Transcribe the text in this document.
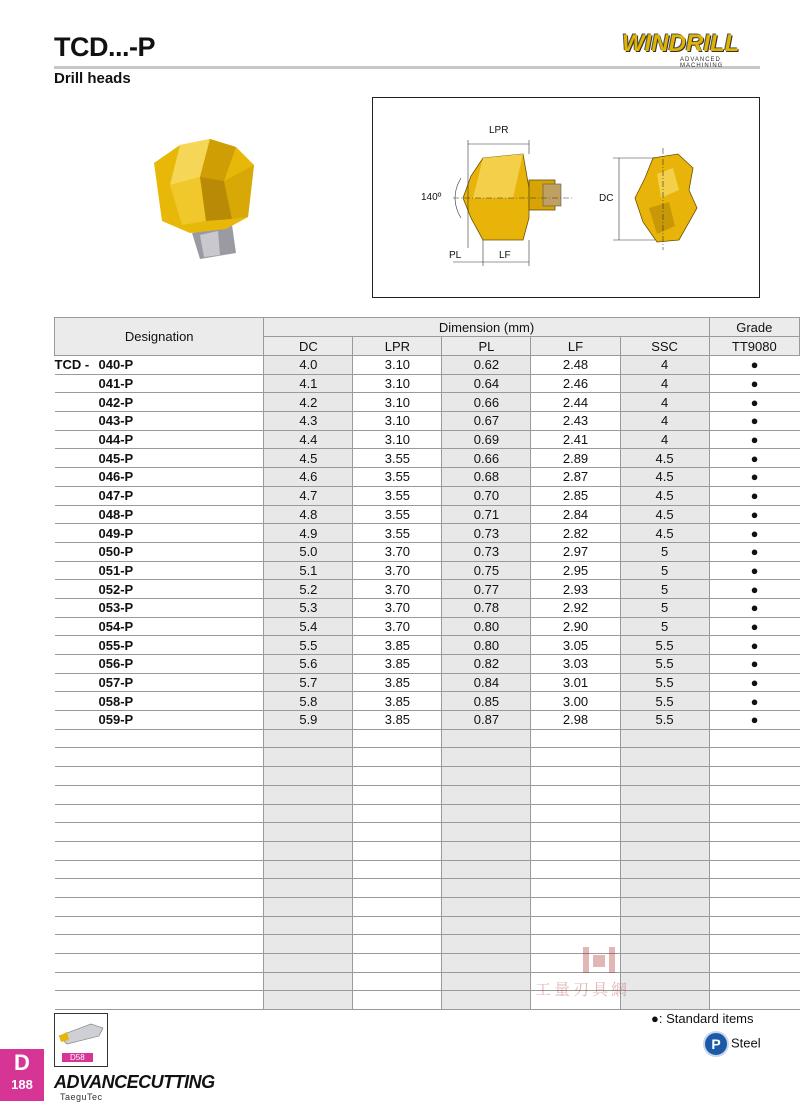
TCD...-P
Drill heads
WINDRILL
ADVANCED MACHINING
LPR
140º
PL	LF
DC
Designation	Dimension (mm)					Grade
	DC	LPR	PL	LF	SSC	TT9080
TCD - 040-P	4.0	3.10	0.62	2.48	4	●
041-P	4.1	3.10	0.64	2.46	4	●
042-P	4.2	3.10	0.66	2.44	4	●
043-P	4.3	3.10	0.67	2.43	4	●
044-P	4.4	3.10	0.69	2.41	4	●
045-P	4.5	3.55	0.66	2.89	4.5	●
046-P	4.6	3.55	0.68	2.87	4.5	●
047-P	4.7	3.55	0.70	2.85	4.5	●
048-P	4.8	3.55	0.71	2.84	4.5	●
049-P	4.9	3.55	0.73	2.82	4.5	●
050-P	5.0	3.70	0.73	2.97	5	●
051-P	5.1	3.70	0.75	2.95	5	●
052-P	5.2	3.70	0.77	2.93	5	●
053-P	5.3	3.70	0.78	2.92	5	●
054-P	5.4	3.70	0.80	2.90	5	●
055-P	5.5	3.85	0.80	3.05	5.5	●
056-P	5.6	3.85	0.82	3.03	5.5	●
057-P	5.7	3.85	0.84	3.01	5.5	●
058-P	5.8	3.85	0.85	3.00	5.5	●
059-P	5.9	3.85	0.87	2.98	5.5	●

工量刃具網
●: Standard items
P Steel
D58
D
188	ADVANCECUTTING
TaeguTec
